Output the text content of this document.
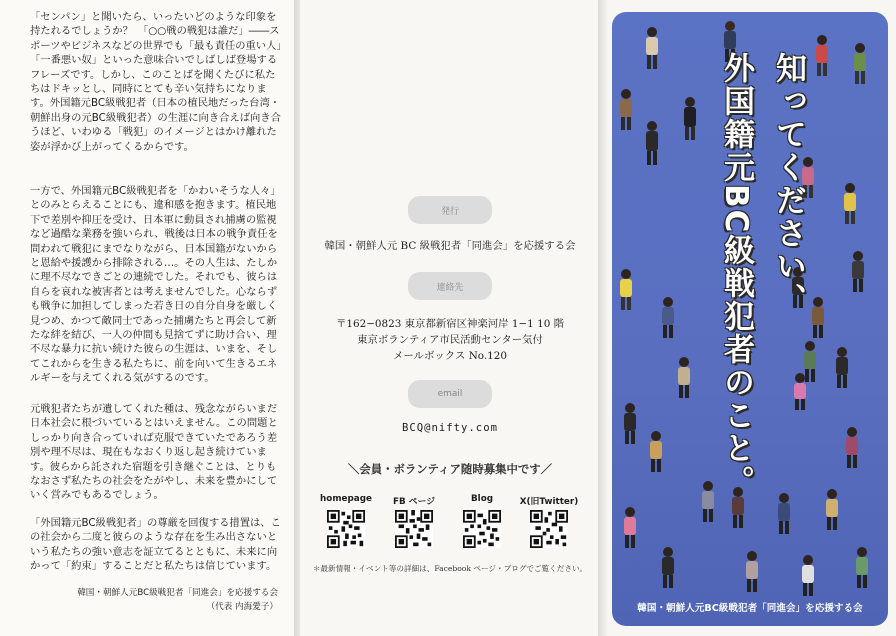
「センパン」と聞いたら、いったいどのような印象を持たれるでしょうか？　「○○戦の戦犯は誰だ」――スポーツやビジネスなどの世界でも「最も責任の重い人」「一番悪い奴」といった意味合いでしばしば登場するフレーズです。しかし、このことばを聞くたびに私たちはドキッとし、同時にとても辛い気持ちになります。外国籍元BC級戦犯者（日本の植民地だった台湾・朝鮮出身の元BC級戦犯者）の生涯に向き合えば向き合うほど、いわゆる「戦犯」のイメージとはかけ離れた姿が浮かび上がってくるからです。

一方で、外国籍元BC級戦犯者を「かわいそうな人々」とのみとらえることにも、違和感を抱きます。植民地下で差別や抑圧を受け、日本軍に動員され捕虜の監視など過酷な業務を強いられ、戦後は日本の戦争責任を問われて戦犯にまでなりながら、日本国籍がないからと恩給や援護から排除される…。その人生は、たしかに理不尽なできごとの連続でした。それでも、彼らは自らを哀れな被害者とは考えませんでした。心ならずも戦争に加担してしまった若き日の自分自身を厳しく見つめ、かつて敵同士であった捕虜たちと再会して新たな絆を結び、一人の仲間も見捨てずに助け合い、理不尽な暴力に抗い続けた彼らの生涯は、いまを、そしてこれからを生きる私たちに、前を向いて生きるエネルギーを与えてくれる気がするのです。

元戦犯者たちが遺してくれた種は、残念ながらいまだ日本社会に根づいているとはいえません。この問題としっかり向き合っていれば克服できていたであろう差別や理不尽は、現在もなおくり返し起き続けています。彼らから託された宿題を引き継ぐことは、とりもなおさず私たちの社会をたがやし、未来を豊かにしていく営みでもあるでしょう。

「外国籍元BC級戦犯者」の尊厳を回復する措置は、この社会から二度と彼らのような存在を生み出さないという私たちの強い意志を証立てるとともに、未来に向かって「約束」することだと私たちは信じています。

韓国・朝鮮人元BC級戦犯者「同進会」を応援する会
（代表 内海愛子）
発行
韓国・朝鮮人元 BC 級戦犯者「同進会」を応援する会
連絡先
〒162−0823 東京都新宿区神楽河岸 1−1 10 階
東京ボランティア市民活動センター気付
メールボックス No.120
email
BCQ@nifty.com
＼会員・ボランティア随時募集中です／
homepage	FB ページ	Blog	X(旧Twitter)
＊最新情報・イベント等の詳細は、Facebook ページ・ブログでご覧ください。
知ってください、
外国籍元BC級戦犯者のこと。
韓国・朝鮮人元BC級戦犯者「同進会」を応援する会
